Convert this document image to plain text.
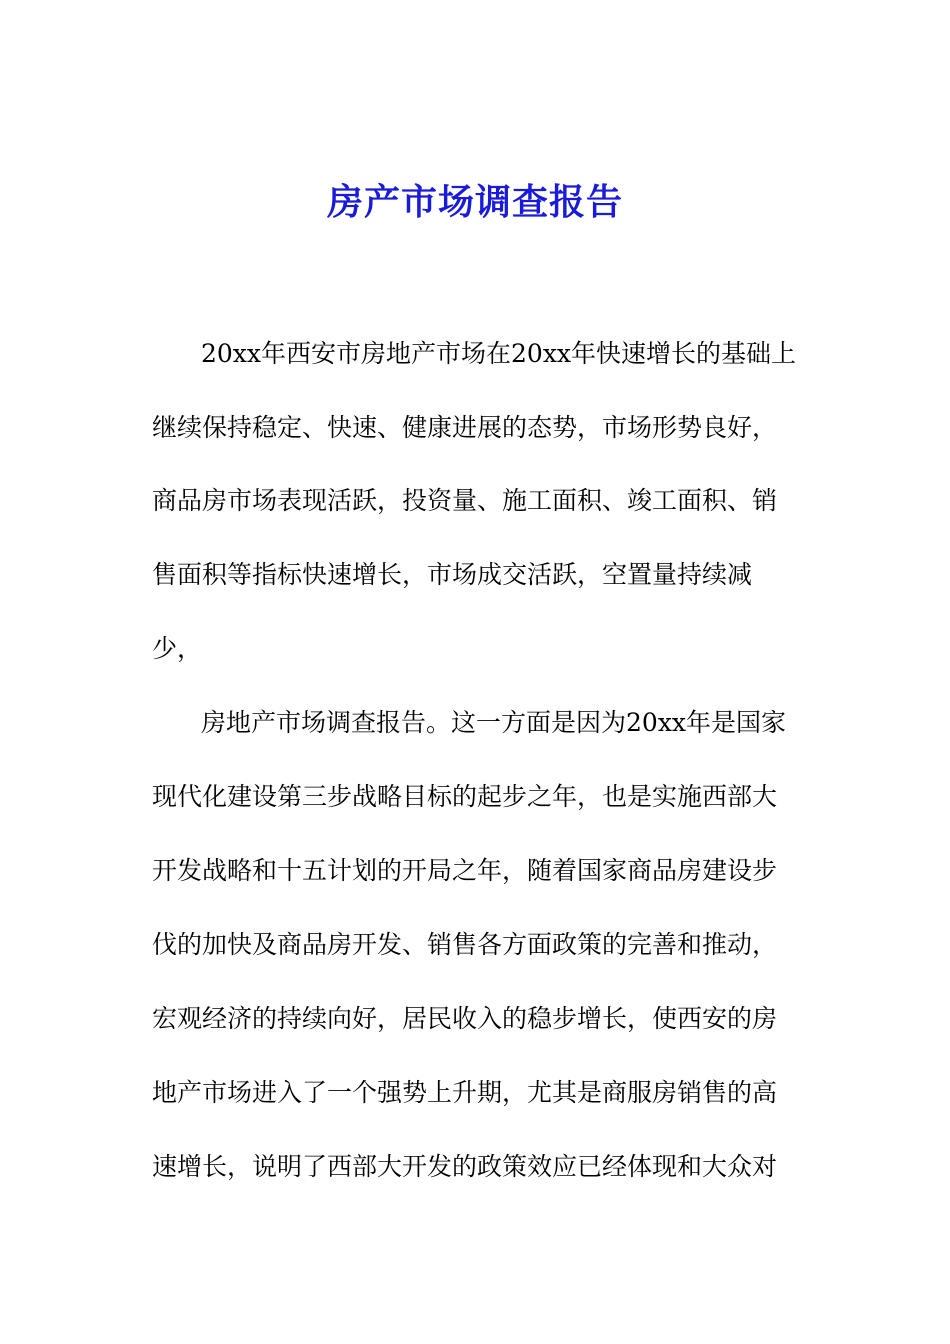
房产市场调查报告
20xx年西安市房地产市场在20xx年快速增长的基础上
继续保持稳定、快速、健康进展的态势，市场形势良好，
商品房市场表现活跃，投资量、施工面积、竣工面积、销
售面积等指标快速增长，市场成交活跃，空置量持续减
少，
房地产市场调查报告。这一方面是因为20xx年是国家
现代化建设第三步战略目标的起步之年，也是实施西部大
开发战略和十五计划的开局之年，随着国家商品房建设步
伐的加快及商品房开发、销售各方面政策的完善和推动，
宏观经济的持续向好，居民收入的稳步增长，使西安的房
地产市场进入了一个强势上升期，尤其是商服房销售的高
速增长，说明了西部大开发的政策效应已经体现和大众对
